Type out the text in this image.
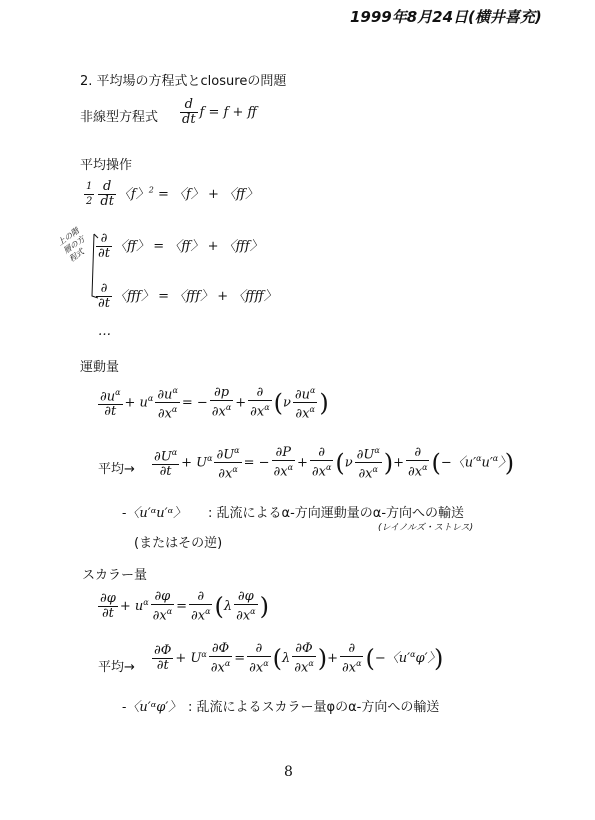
1999年8月24日(横井喜充)
2. 平均場の方程式とclosureの問題
非線型方程式 $\frac{d}{dt}$ f = f + ff
平均操作
$\frac{1}{2} \frac{d}{dt}$ 〈f〉$^2$ = 〈f〉 + 〈ff〉
上の階層の方程式 $\frac{\partial}{\partial t}$ 〈ff〉 = 〈ff〉 + 〈fff〉
$\frac{\partial}{\partial t}$ 〈fff〉 = 〈fff〉 + 〈ffff〉
…
運動量
$\frac{\partial u^\alpha}{\partial t} + u^\alpha \frac{\partial u^\alpha}{\partial x^\alpha}$ = − $\frac{\partial p}{\partial x^\alpha} + \frac{\partial}{\partial x^\alpha} (\nu \frac{\partial u^\alpha}{\partial x^\alpha}$ )
平均→ $\frac{\partial U^\alpha}{\partial t} + U^\alpha \frac{\partial U^\alpha}{\partial x^\alpha}$ = − $\frac{\partial P}{\partial x^\alpha} + \frac{\partial}{\partial x^\alpha} (\nu \frac{\partial U^\alpha}{\partial x^\alpha}$ )+ $\frac{\partial}{\partial x^\alpha}$ (−〈$u'^\alpha u'^\alpha$〉)
-〈u′ᵅu′ᵅ〉 : 乱流によるα-方向運動量のα-方向への輸送
(レイノルズ・ストレス)
(またはその逆)
スカラー量
$\frac{\partial\varphi}{\partial t} + u^\alpha \frac{\partial\varphi}{\partial x^\alpha} = \frac{\partial}{\partial x^\alpha} (\lambda \frac{\partial\varphi}{\partial x^\alpha}$ )
平均→ $\frac{\partial\Phi}{\partial t} + U^\alpha \frac{\partial\Phi}{\partial x^\alpha} = \frac{\partial}{\partial x^\alpha} (\lambda \frac{\partial\Phi}{\partial x^\alpha}$ )+ $\frac{\partial}{\partial x^\alpha}$ (−〈$u'^\alpha\varphi'$〉)
-〈u′ᵅφ′〉 : 乱流によるスカラー量φのα-方向への輸送
8
